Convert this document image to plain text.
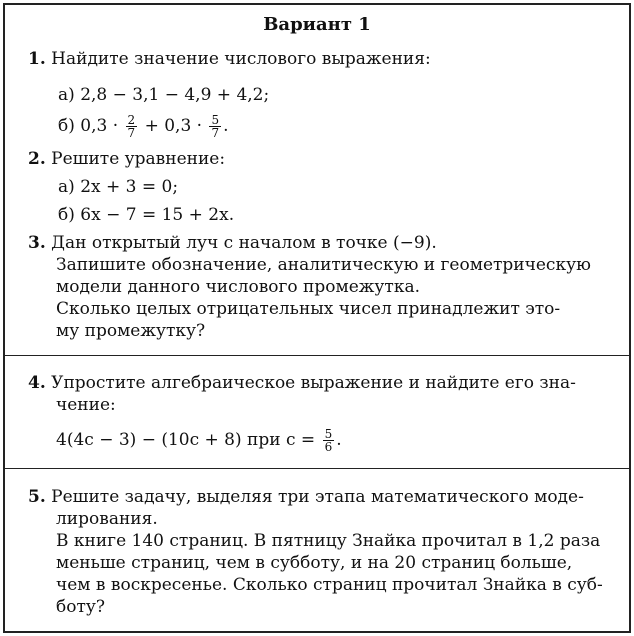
Вариант 1
1. Найдите значение числового выражения:
а) 2,8 − 3,1 − 4,9 + 4,2;
б) $0,3 \cdot \frac{2}{7} + 0,3 \cdot \frac{5}{7}$ .
2. Решите уравнение:
а) 2x + 3 = 0;
б) 6x − 7 = 15 + 2x.
3. Дан открытый луч с началом в точке (−9).
Запишите обозначение, аналитическую и геометрическую
модели данного числового промежутка.
Сколько целых отрицательных чисел принадлежит это-
му промежутку?
4. Упростите алгебраическое выражение и найдите его зна-
чение:
4(4c − 3) − (10c + 8) при $c = \frac{5}{6}$ .
5. Решите задачу, выделяя три этапа математического моде-
лирования.
В книге 140 страниц. В пятницу Знайка прочитал в 1,2 раза
меньше страниц, чем в субботу, и на 20 страниц больше,
чем в воскресенье. Сколько страниц прочитал Знайка в суб-
боту?
